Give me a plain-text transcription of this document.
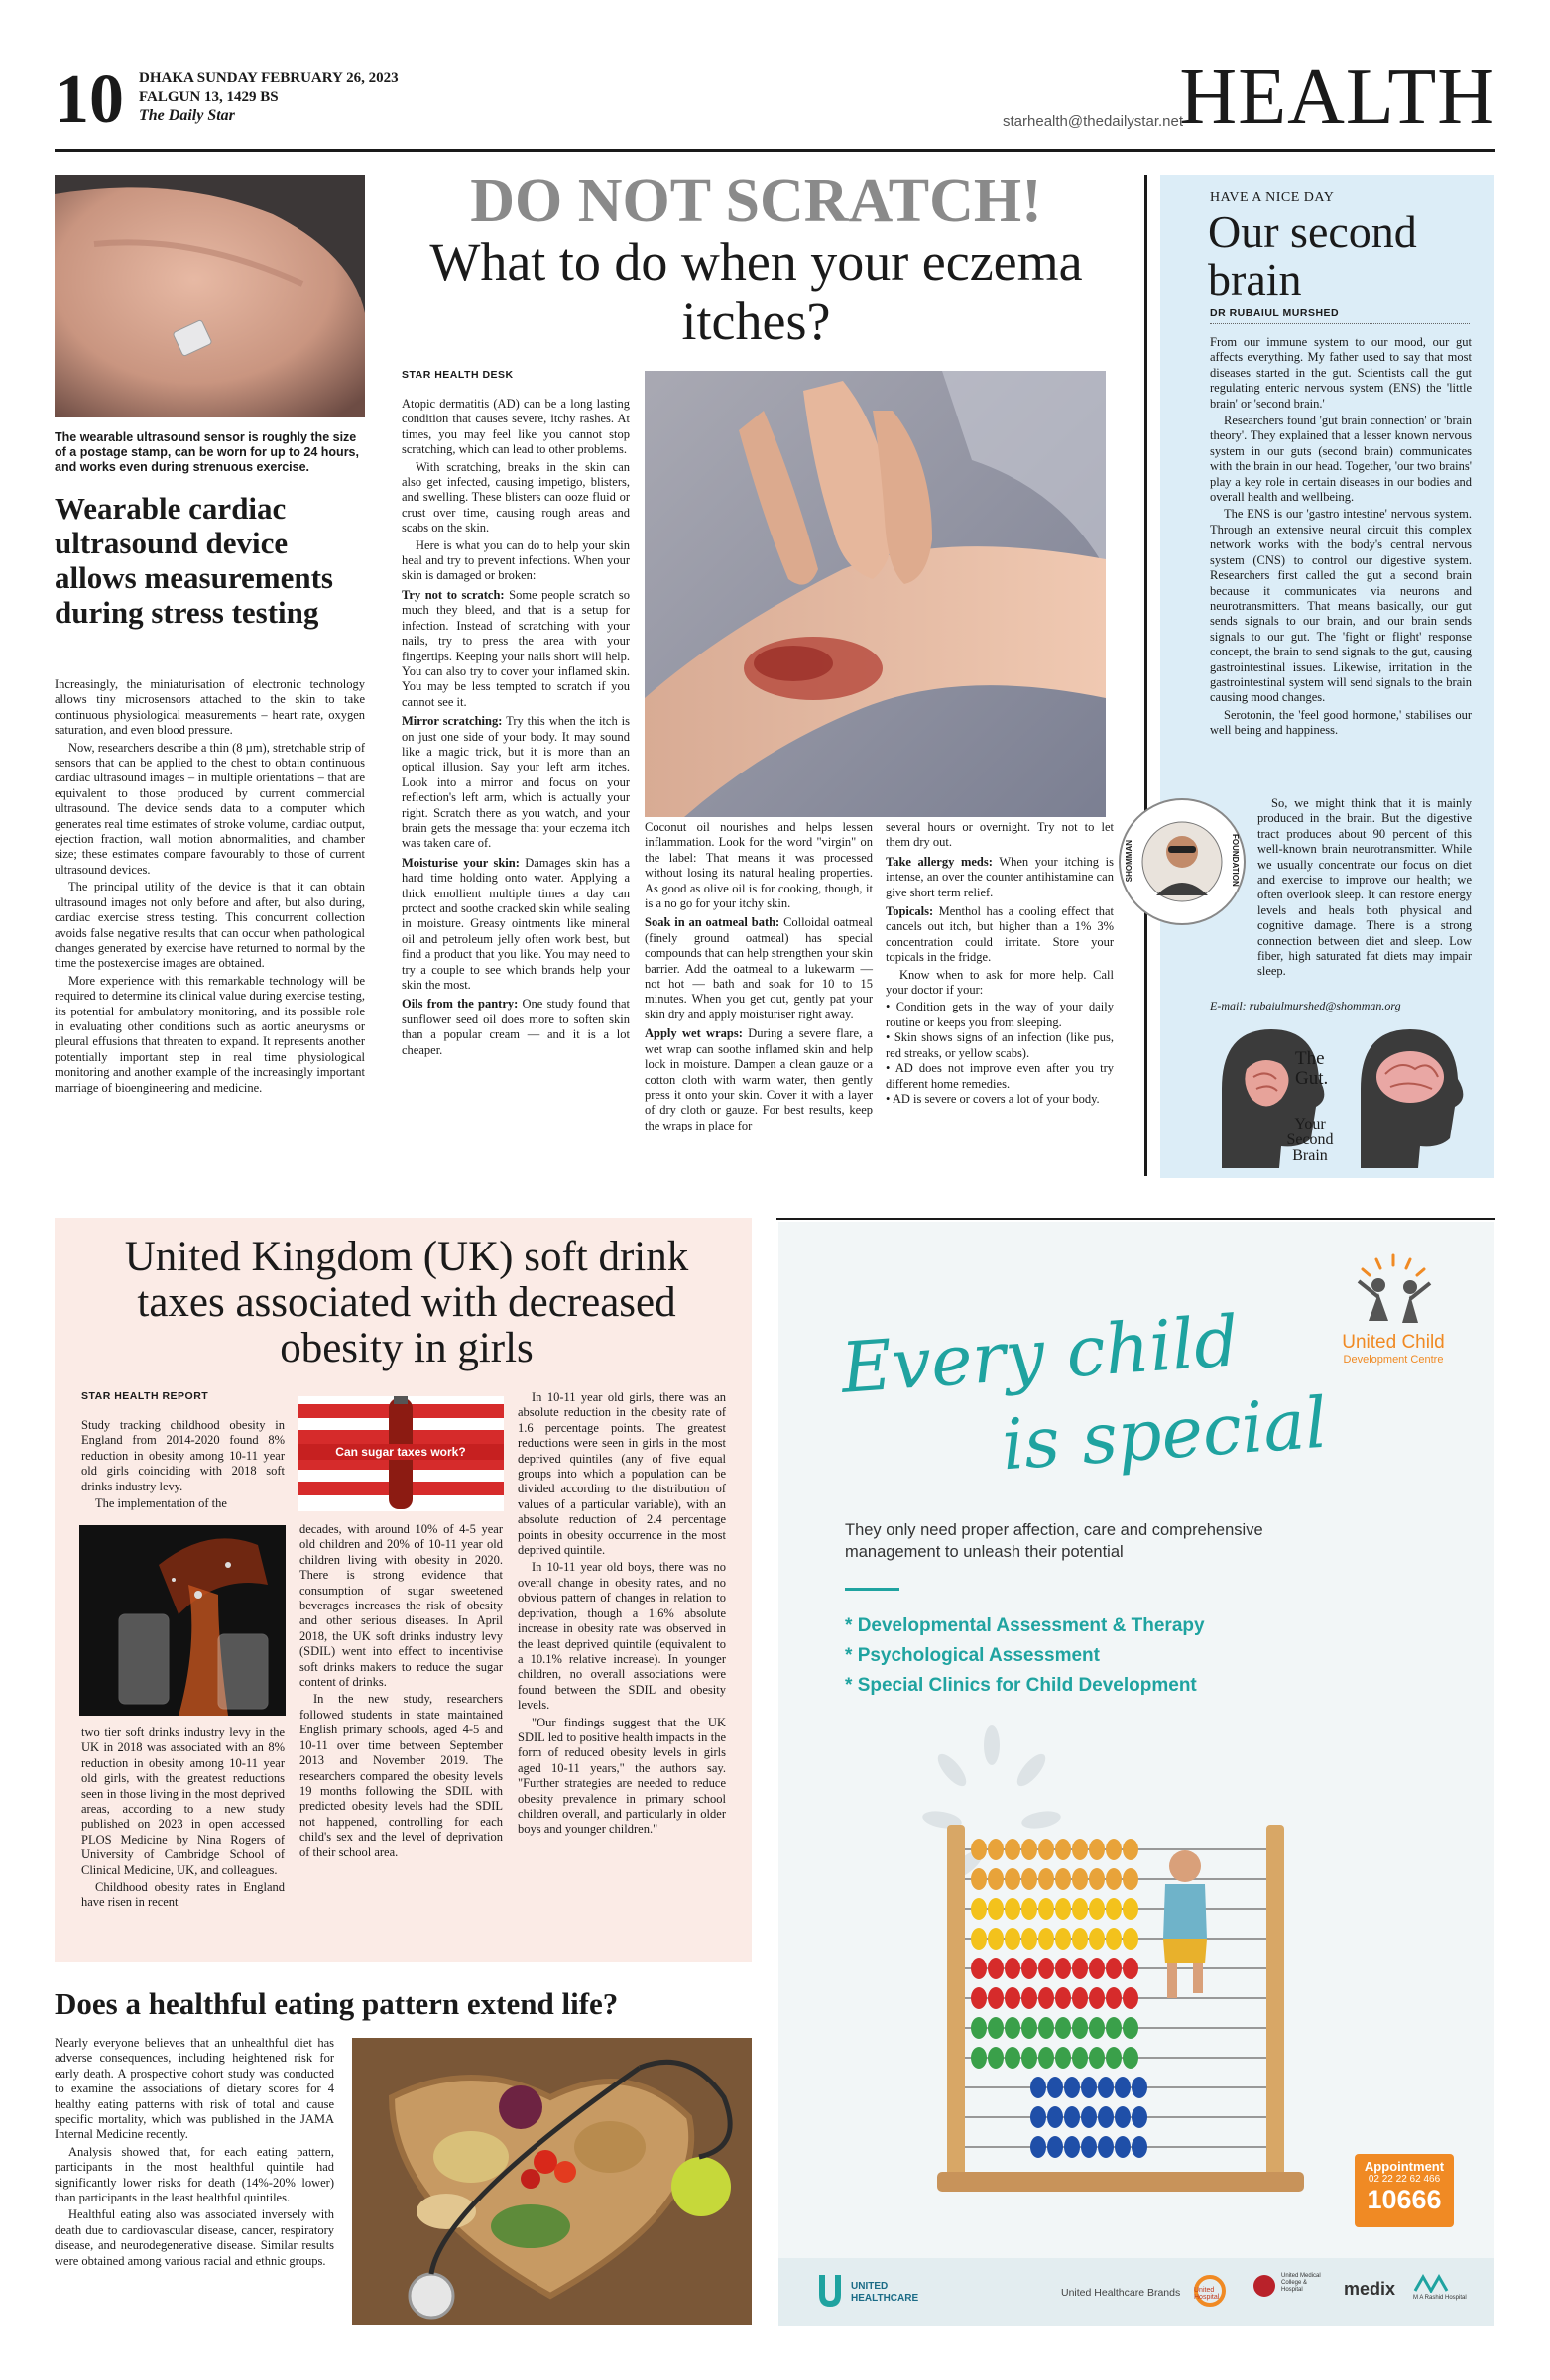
10 DHAKA SUNDAY FEBRUARY 26, 2023
FALGUN 13, 1429 BS
The Daily Star	starhealth@thedailystar.net
HEALTH
The wearable ultrasound sensor is roughly the size of a postage stamp, can be worn for up to 24 hours, and works even during strenuous exercise.
Wearable cardiac ultrasound device allows measurements during stress testing

Increasingly, the miniaturisation of electronic technology allows tiny microsensors attached to the skin to take continuous physiological measurements – heart rate, oxygen saturation, and even blood pressure.

Now, researchers describe a thin (8 µm), stretchable strip of sensors that can be applied to the chest to obtain continuous cardiac ultrasound images – in multiple orientations – that are equivalent to those produced by current commercial ultrasound. The device sends data to a computer which generates real time estimates of stroke volume, cardiac output, ejection fraction, wall motion abnormalities, and chamber size; these estimates compare favourably to those of current ultrasound devices.

The principal utility of the device is that it can obtain ultrasound images not only before and after, but also during, cardiac exercise stress testing. This concurrent collection avoids false negative results that can occur when pathological changes generated by exercise have returned to normal by the time the postexercise images are obtained.

More experience with this remarkable technology will be required to determine its clinical value during exercise testing, its potential for ambulatory monitoring, and its possible role in evaluating other conditions such as aortic aneurysms or pleural effusions that threaten to expand. It represents another potentially important step in real time physiological monitoring and another example of the increasingly important marriage of bioengineering and medicine.

DO NOT SCRATCH!
What to do when your eczema itches?
STAR HEALTH DESK

Atopic dermatitis (AD) can be a long lasting condition that causes severe, itchy rashes. At times, you may feel like you cannot stop scratching, which can lead to other problems.

With scratching, breaks in the skin can also get infected, causing impetigo, blisters, and swelling. These blisters can ooze fluid or crust over time, causing rough areas and scabs on the skin.

Here is what you can do to help your skin heal and try to prevent infections. When your skin is damaged or broken:

Try not to scratch: Some people scratch so much they bleed, and that is a setup for infection. Instead of scratching with your nails, try to press the area with your fingertips. Keeping your nails short will help. You can also try to cover your inflamed skin. You may be less tempted to scratch if you cannot see it.

Mirror scratching: Try this when the itch is on just one side of your body. It may sound like a magic trick, but it is more than an optical illusion. Say your left arm itches. Look into a mirror and focus on your reflection's left arm, which is actually your right. Scratch there as you watch, and your brain gets the message that your eczema itch was taken care of.

Moisturise your skin: Damages skin has a hard time holding onto water. Applying a thick emollient multiple times a day can protect and soothe cracked skin while sealing in moisture. Greasy ointments like mineral oil and petroleum jelly often work best, but find a product that you like. You may need to try a couple to see which brands help your skin the most.

Oils from the pantry: One study found that sunflower seed oil does more to soften skin than a popular cream — and it is a lot cheaper.

Coconut oil nourishes and helps lessen inflammation. Look for the word "virgin" on the label: That means it was processed without losing its natural healing properties. As good as olive oil is for cooking, though, it is a no go for your itchy skin.

Soak in an oatmeal bath: Colloidal oatmeal (finely ground oatmeal) has special compounds that can help strengthen your skin barrier. Add the oatmeal to a lukewarm — not hot — bath and soak for 10 to 15 minutes. When you get out, gently pat your skin dry and apply moisturiser right away.

Apply wet wraps: During a severe flare, a wet wrap can soothe inflamed skin and help lock in moisture. Dampen a clean gauze or a cotton cloth with warm water, then gently press it onto your skin. Cover it with a layer of dry cloth or gauze. For best results, keep the wraps in place for

several hours or overnight. Try not to let them dry out.

Take allergy meds: When your itching is intense, an over the counter antihistamine can give short term relief.

Topicals: Menthol has a cooling effect that cancels out itch, but higher than a 1% 3% concentration could irritate. Store your topicals in the fridge.

Know when to ask for more help. Call your doctor if your:

• Condition gets in the way of your daily routine or keeps you from sleeping.
• Skin shows signs of an infection (like pus, red streaks, or yellow scabs).
• AD does not improve even after you try different home remedies.
• AD is severe or covers a lot of your body.
HAVE A NICE DAY
Our second brain
DR RUBAIUL MURSHED

From our immune system to our mood, our gut affects everything. My father used to say that most diseases started in the gut. Scientists call the gut regulating enteric nervous system (ENS) the 'little brain' or 'second brain.'

Researchers found 'gut brain connection' or 'brain theory'. They explained that a lesser known nervous system in our guts (second brain) communicates with the brain in our head. Together, 'our two brains' play a key role in certain diseases in our bodies and overall health and wellbeing.

The ENS is our 'gastro intestine' nervous system. Through an extensive neural circuit this complex network works with the body's central nervous system (CNS) to control our digestive system. Researchers first called the gut a second brain because it communicates via neurons and neurotransmitters. That means basically, our gut sends signals to our brain, and our brain sends signals to our gut. The 'fight or flight' response concept, the brain to send signals to the gut, causing gastrointestinal issues. Likewise, irritation in the gastrointestinal system will send signals to the brain causing mood changes.

Serotonin, the 'feel good hormone,' stabilises our well being and happiness.

So, we might think that it is mainly produced in the brain. But the digestive tract produces about 90 percent of this well-known brain neurotransmitter. While we usually concentrate our focus on diet and exercise to improve our health; we often overlook sleep. It can restore energy levels and heals both physical and cognitive damage. There is a strong connection between diet and sleep. Low fiber, high saturated fat diets may impair sleep.

SHOMMAN	FOUNDATION
E-mail: rubaiulmurshed@shomman.org
The Gut.
Your Second Brain
United Kingdom (UK) soft drink taxes associated with decreased obesity in girls
STAR HEALTH REPORT

Study tracking childhood obesity in England from 2014-2020 found 8% reduction in obesity among 10-11 year old girls coinciding with 2018 soft drinks industry levy.

The implementation of the

two tier soft drinks industry levy in the UK in 2018 was associated with an 8% reduction in obesity among 10-11 year old girls, with the greatest reductions seen in those living in the most deprived areas, according to a new study published on 2023 in open accessed PLOS Medicine by Nina Rogers of University of Cambridge School of Clinical Medicine, UK, and colleagues.

Childhood obesity rates in England have risen in recent

Can sugar taxes work?

decades, with around 10% of 4-5 year old children and 20% of 10-11 year old children living with obesity in 2020. There is strong evidence that consumption of sugar sweetened beverages increases the risk of obesity and other serious diseases. In April 2018, the UK soft drinks industry levy (SDIL) went into effect to incentivise soft drinks makers to reduce the sugar content of drinks.

In the new study, researchers followed students in state maintained English primary schools, aged 4-5 and 10-11 over time between September 2013 and November 2019. The researchers compared the obesity levels 19 months following the SDIL with predicted obesity levels had the SDIL not happened, controlling for each child's sex and the level of deprivation of their school area.

In 10-11 year old girls, there was an absolute reduction in the obesity rate of 1.6 percentage points. The greatest reductions were seen in girls in the most deprived quintiles (any of five equal groups into which a population can be divided according to the distribution of values of a particular variable), with an absolute reduction of 2.4 percentage points in obesity occurrence in the most deprived quintile.

In 10-11 year old boys, there was no overall change in obesity rates, and no obvious pattern of changes in relation to deprivation, though a 1.6% absolute increase in obesity rate was observed in the least deprived quintile (equivalent to a 10.1% relative increase). In younger children, no overall associations were found between the SDIL and obesity levels.

"Our findings suggest that the UK SDIL led to positive health impacts in the form of reduced obesity levels in girls aged 10-11 years," the authors say. "Further strategies are needed to reduce obesity prevalence in primary school children overall, and particularly in older boys and younger children."

Does a healthful eating pattern extend life?

Nearly everyone believes that an unhealthful diet has adverse consequences, including heightened risk for early death. A prospective cohort study was conducted to examine the associations of dietary scores for 4 healthy eating patterns with risk of total and cause specific mortality, which was published in the JAMA Internal Medicine recently.

Analysis showed that, for each eating pattern, participants in the most healthful quintile had significantly lower risks for death (14%-20% lower) than participants in the least healthful quintiles.

Healthful eating also was associated inversely with death due to cardiovascular disease, cancer, respiratory disease, and neurodegenerative disease. Similar results were obtained among various racial and ethnic groups.

United Child
Development Centre
Every child
is special
They only need proper affection, care and comprehensive management to unleash their potential
* Developmental Assessment & Therapy
* Psychological Assessment
* Special Clinics for Child Development
Appointment
02 22 22 62 466
10666
UNITED HEALTHCARE	United Healthcare Brands United Hospital
United Medical College & Hospital	medix	M A Rashid Hospital
